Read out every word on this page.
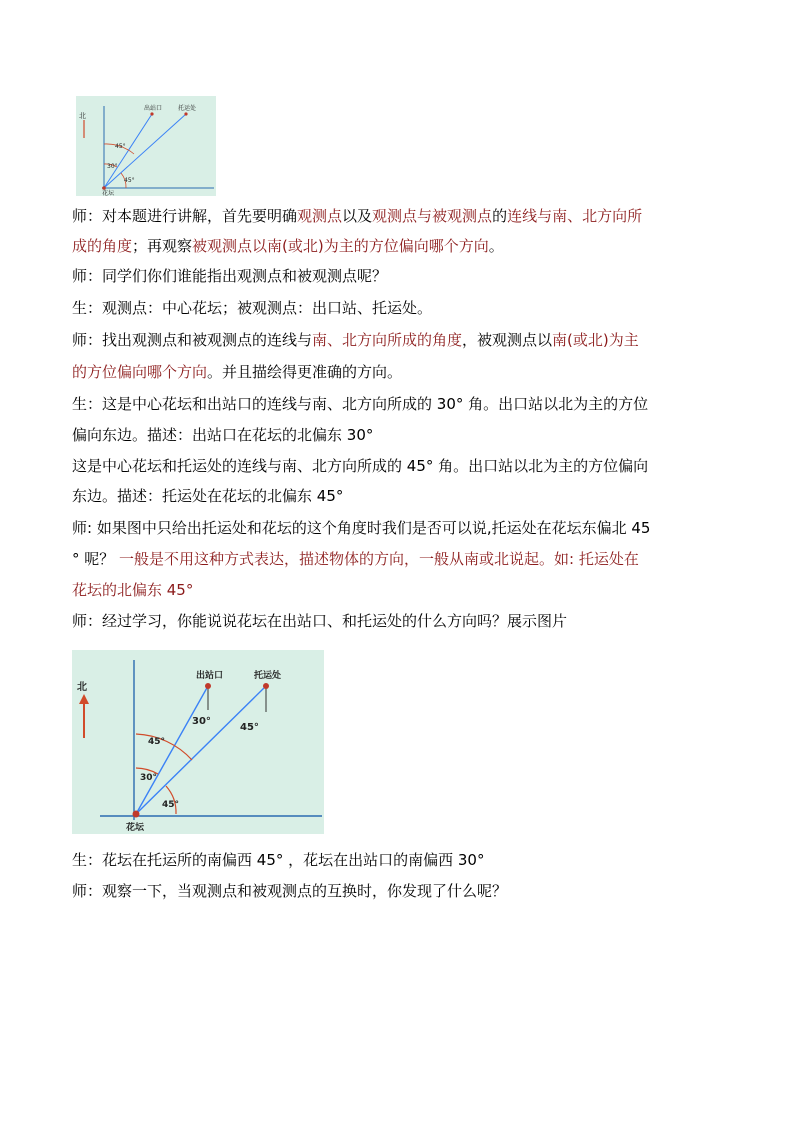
北
出站口	托运处
45°
30°
45°
花坛
师：对本题进行讲解，首先要明确观测点以及观测点与被观测点的连线与南、北方向所
成的角度；再观察被观测点以南(或北)为主的方位偏向哪个方向。
师：同学们你们谁能指出观测点和被观测点呢？
生：观测点：中心花坛；被观测点：出口站、托运处。
师：找出观测点和被观测点的连线与南、北方向所成的角度，被观测点以南(或北)为主
的方位偏向哪个方向。并且描绘得更准确的方向。
生：这是中心花坛和出站口的连线与南、北方向所成的 30° 角。出口站以北为主的方位
偏向东边。描述：出站口在花坛的北偏东 30°
这是中心花坛和托运处的连线与南、北方向所成的 45° 角。出口站以北为主的方位偏向
东边。描述：托运处在花坛的北偏东 45°
师: 如果图中只给出托运处和花坛的这个角度时我们是否可以说,托运处在花坛东偏北 45
° 呢？ 一般是不用这种方式表达，描述物体的方向，一般从南或北说起。如: 托运处在
花坛的北偏东 45°
师：经过学习，你能说说花坛在出站口、和托运处的什么方向吗？展示图片
北
出站口	托运处
30°
45°
45°
30°
45°
花坛
生：花坛在托运所的南偏西 45° ，花坛在出站口的南偏西 30°
师：观察一下，当观测点和被观测点的互换时，你发现了什么呢？
